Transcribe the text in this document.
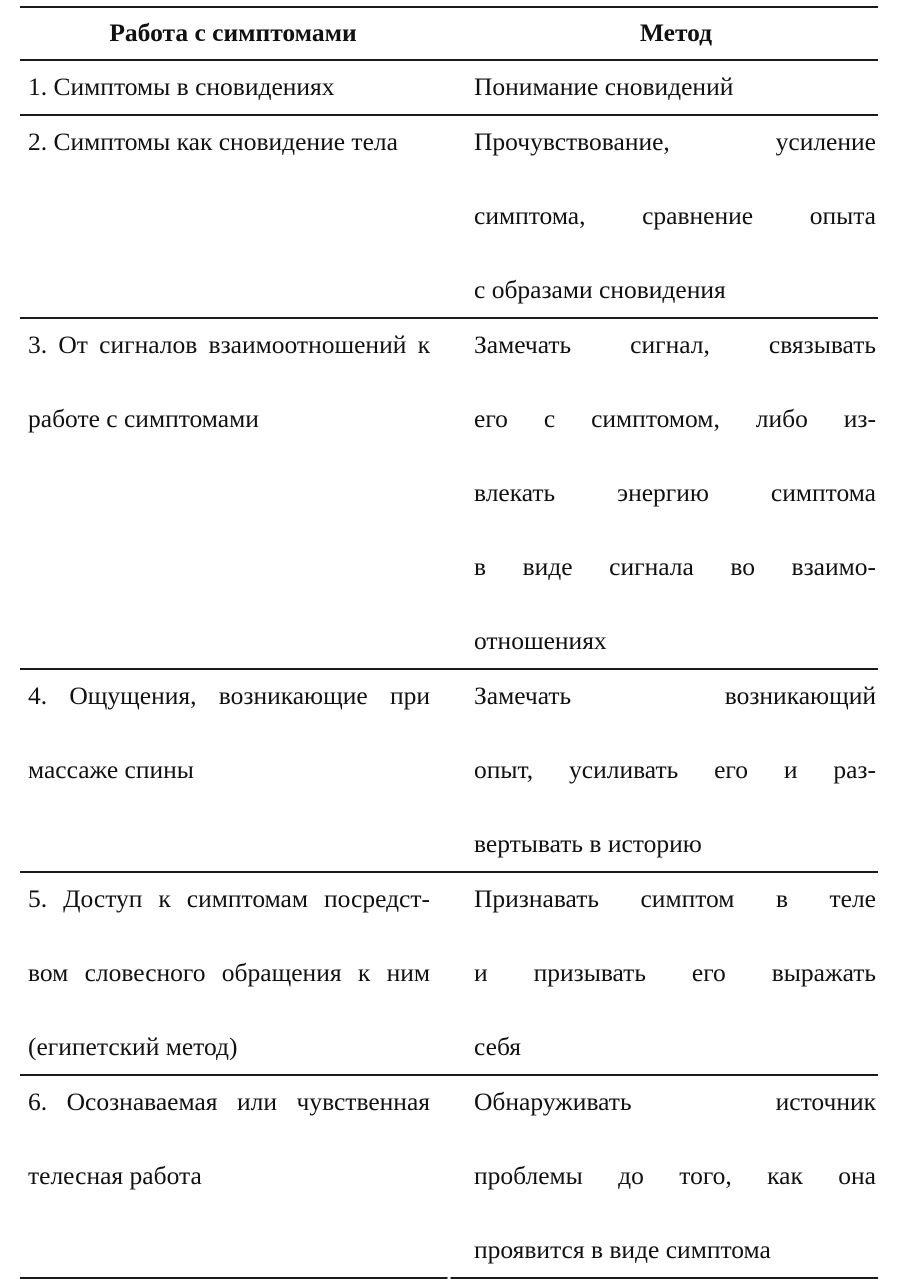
Работа с симптомами		Метод

1. Симптомы в сновидениях		Понимание сновидений

2. Симптомы как сновидение тела		Прочувствование, усиление
симптома, сравнение опыта
с образами сновидения

3. От сигналов взаимоотношений к
работе с симптомами		Замечать сигнал, связывать
его с симптомом, либо из-
влекать энергию симптома
в виде сигнала во взаимо-
отношениях

4. Ощущения, возникающие при
массаже спины		Замечать возникающий
опыт, усиливать его и раз-
вертывать в историю

5. Доступ к симптомам посредст-
вом словесного обращения к ним
(египетский метод)		Признавать симптом в теле
и призывать его выражать
себя

6. Осознаваемая или чувственная
телесная работа		Обнаруживать источник
проблемы до того, как она
проявится в виде симптома
